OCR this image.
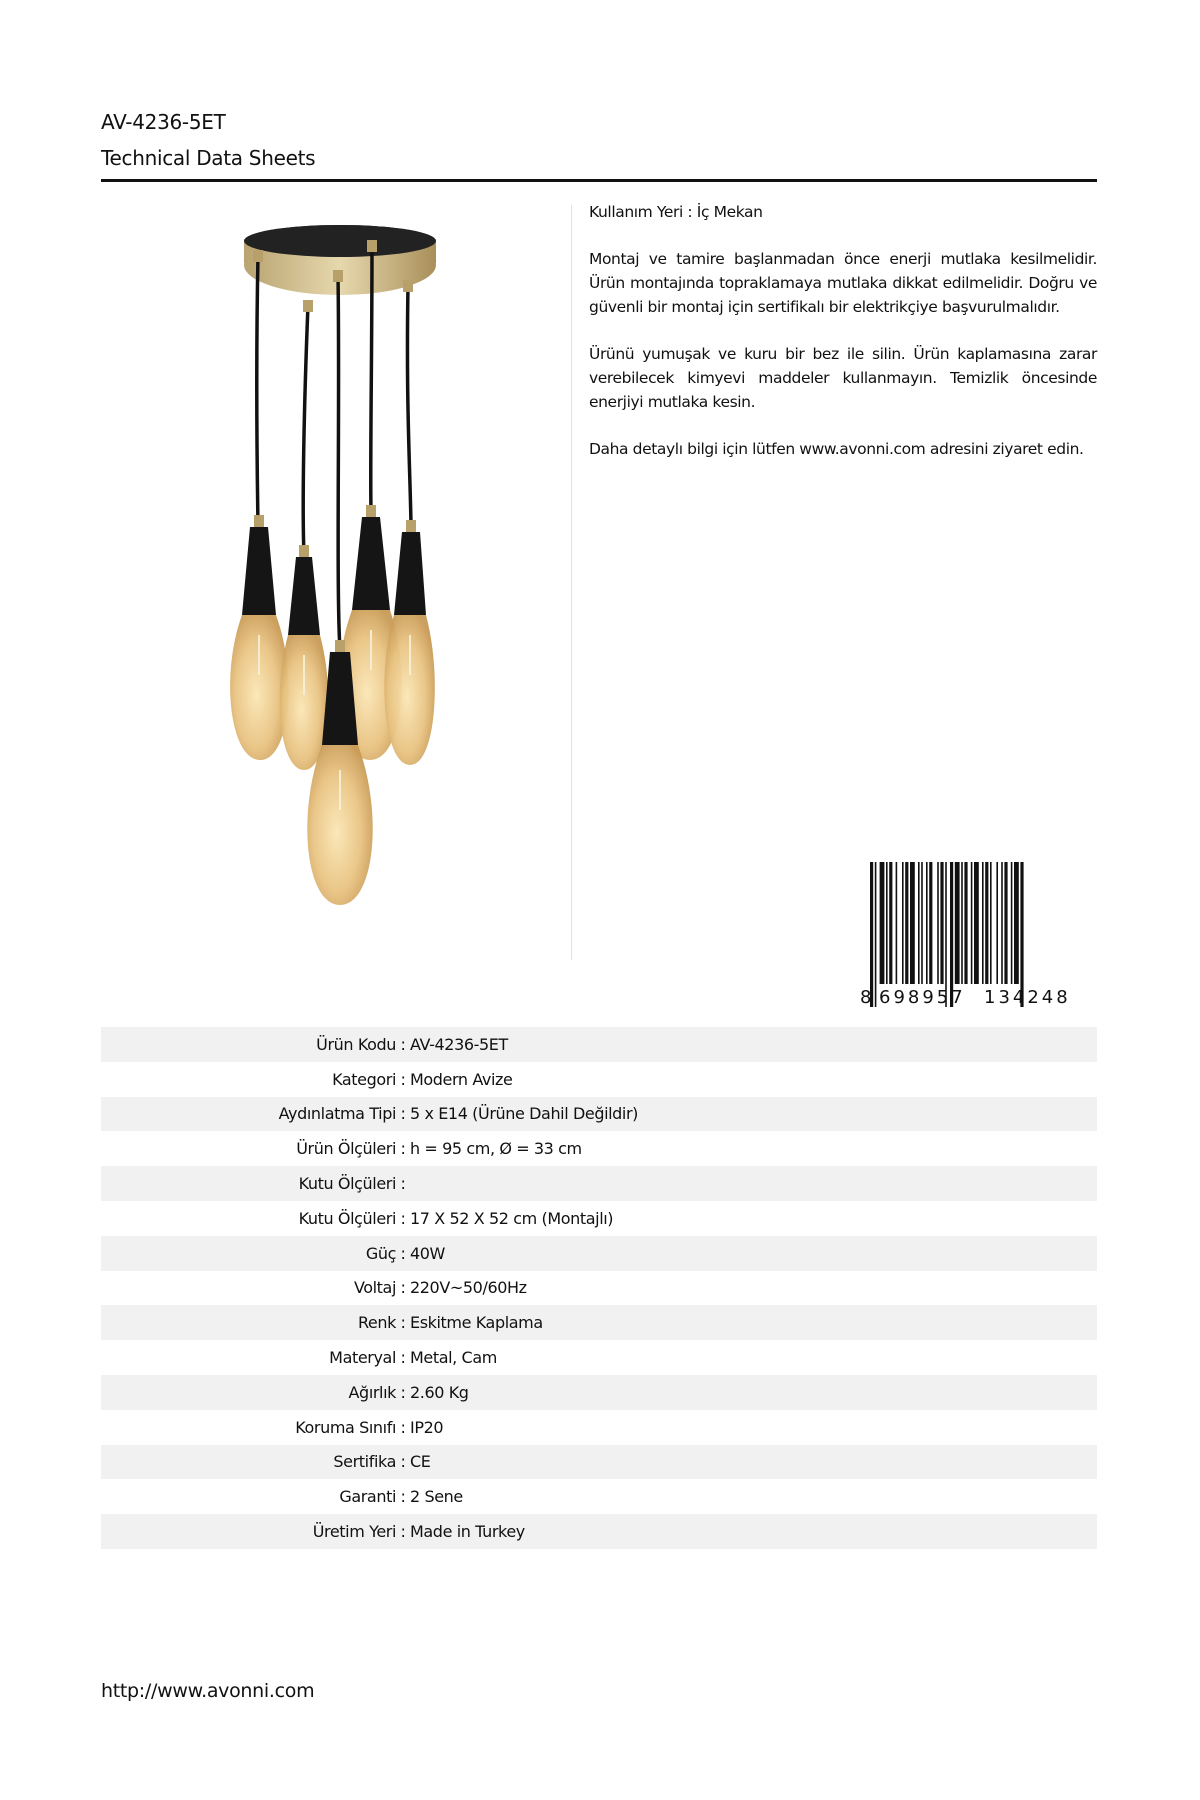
AV-4236-5ET
Technical Data Sheets

Kullanım Yeri : İç Mekan

Montaj ve tamire başlanmadan önce enerji mutlaka kesilmelidir. Ürün montajında topraklamaya mutlaka dikkat edilmelidir. Doğru ve güvenli bir montaj için sertifikalı bir elektrikçiye başvurulmalıdır.

Ürünü yumuşak ve kuru bir bez ile silin. Ürün kaplamasına zarar verebilecek kimyevi maddeler kullanmayın. Temizlik öncesinde enerjiyi mutlaka kesin.

Daha detaylı bilgi için lütfen www.avonni.com adresini ziyaret edin.

8 698957 134248
Ürün Kodu : AV-4236-5ET
Kategori : Modern Avize
Aydınlatma Tipi : 5 x E14 (Ürüne Dahil Değildir)
Ürün Ölçüleri : h = 95 cm, Ø = 33 cm
Kutu Ölçüleri :
Kutu Ölçüleri : 17 X 52 X 52 cm (Montajlı)
Güç : 40W
Voltaj : 220V~50/60Hz
Renk : Eskitme Kaplama
Materyal : Metal, Cam
Ağırlık : 2.60 Kg
Koruma Sınıfı : IP20
Sertifika : CE
Garanti : 2 Sene
Üretim Yeri : Made in Turkey
http://www.avonni.com
